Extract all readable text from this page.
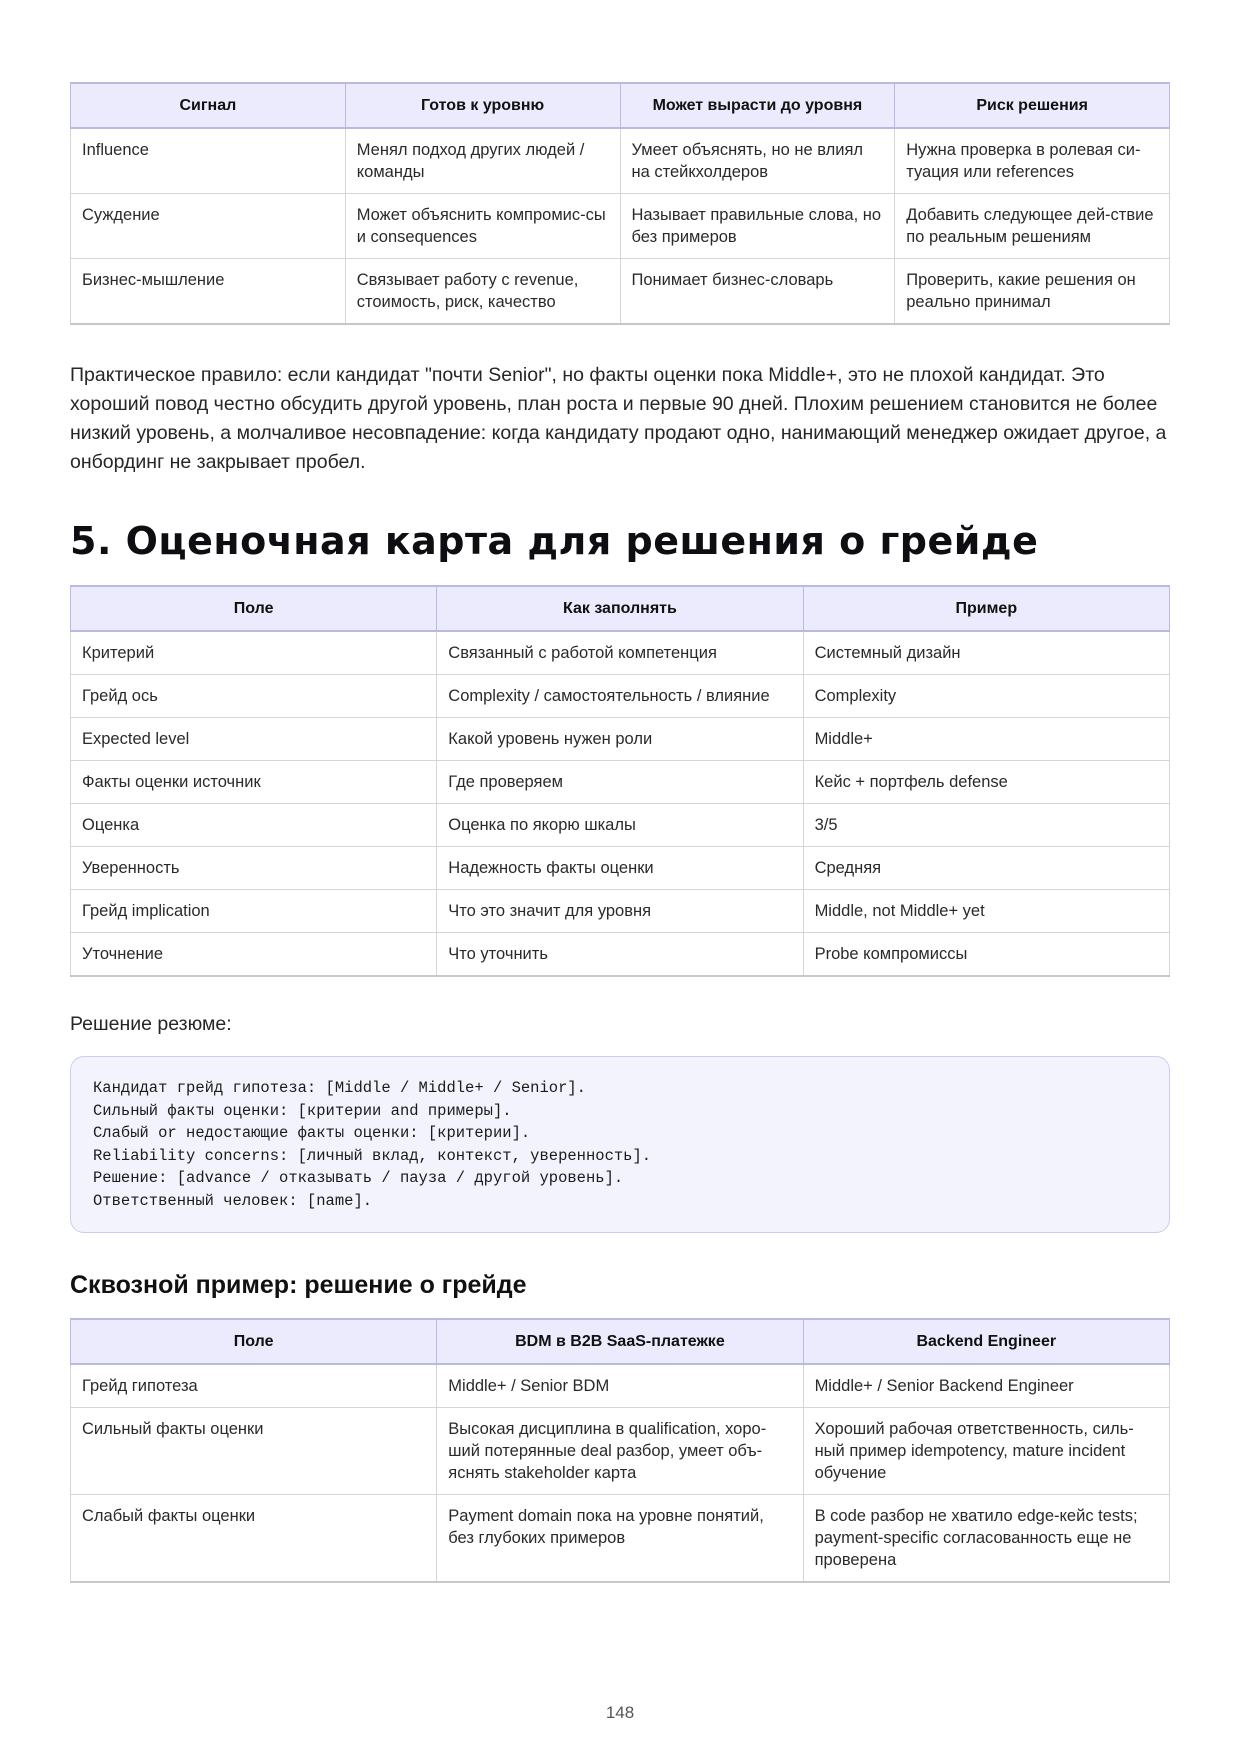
Сигнал	Готов к уровню	Может вырасти до уровня	Риск решения
Influence	Менял подход других людей / команды	Умеет объяснять, но не влиял на стейкхолдеров	Нужна проверка в ролевая си-туация или references
Суждение	Может объяснить компромис-сы и consequences	Называет правильные слова, но без примеров	Добавить следующее дей-ствие по реальным решениям
Бизнес-мышление	Связывает работу с revenue, стоимость, риск, качество	Понимает бизнес-словарь	Проверить, какие решения он реально принимал

Практическое правило: если кандидат "почти Senior", но факты оценки пока Middle+, это не плохой кандидат. Это хороший повод честно обсудить другой уровень, план роста и первые 90 дней. Плохим решением становится не более низкий уровень, а молчаливое несовпадение: когда кандидату продают одно, нанимающий менеджер ожидает другое, а онбординг не закрывает пробел.

5. Оценочная карта для решения о грейде
Поле	Как заполнять	Пример
Критерий	Связанный с работой компетенция	Системный дизайн
Грейд ось	Complexity / самостоятельность / влияние	Complexity
Expected level	Какой уровень нужен роли	Middle+
Факты оценки источник	Где проверяем	Кейс + портфель defense
Оценка	Оценка по якорю шкалы	3/5
Уверенность	Надежность факты оценки	Средняя
Грейд implication	Что это значит для уровня	Middle, not Middle+ yet
Уточнение	Что уточнить	Probe компромиссы
Решение резюме:
Кандидат грейд гипотеза: [Middle / Middle+ / Senior].
Сильный факты оценки: [критерии and примеры].
Слабый or недостающие факты оценки: [критерии].
Reliability concerns: [личный вклад, контекст, уверенность].
Решение: [advance / отказывать / пауза / другой уровень].
Ответственный человек: [name].
Сквозной пример: решение о грейде
Поле	BDM в B2B SaaS-платежке	Backend Engineer
Грейд гипотеза	Middle+ / Senior BDM	Middle+ / Senior Backend Engineer
Сильный факты оценки	Высокая дисциплина в qualification, хоро-ший потерянные deal разбор, умеет объ-яснять stakeholder карта	Хороший рабочая ответственность, силь-ный пример idempotency, mature incident обучение
Слабый факты оценки	Payment domain пока на уровне понятий, без глубоких примеров	В code разбор не хватило edge-кейс tests; payment-specific согласованность еще не проверена
148
